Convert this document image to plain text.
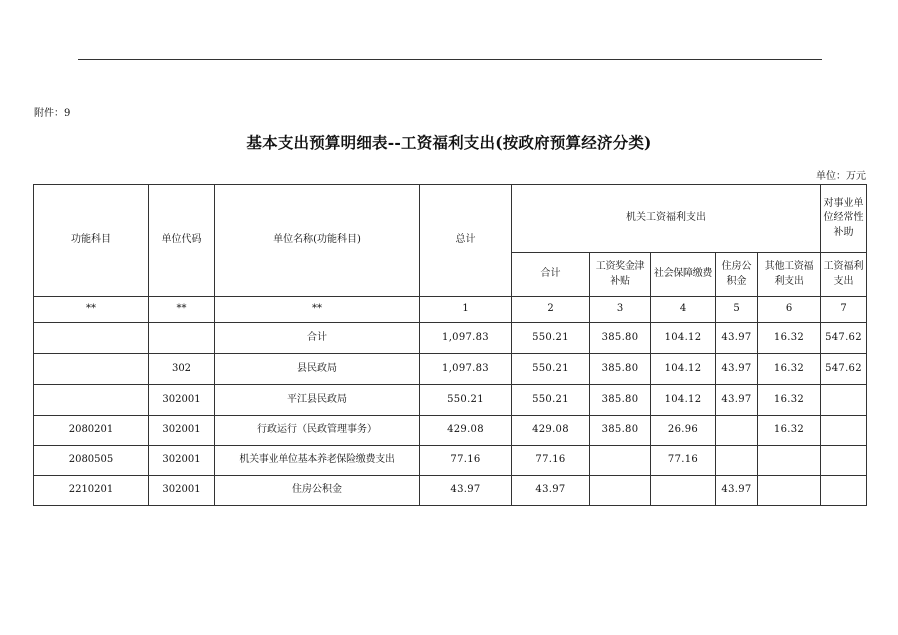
附件：9
基本支出预算明细表--工资福利支出(按政府预算经济分类)
单位：万元
功能科目	单位代码	单位名称(功能科目)	总计	机关工资福利支出					对事业单位经常性补助
				合计	工资奖金津补贴	社会保障缴费	住房公积金	其他工资福利支出	工资福利支出
**	**	**	1	2	3	4	5	6	7
		合计	1,097.83	550.21	385.80	104.12	43.97	16.32	547.62
	302	县民政局	1,097.83	550.21	385.80	104.12	43.97	16.32	547.62
	302001	平江县民政局	550.21	550.21	385.80	104.12	43.97	16.32	
2080201	302001	行政运行（民政管理事务）	429.08	429.08	385.80	26.96		16.32	
2080505	302001	机关事业单位基本养老保险缴费支出	77.16	77.16		77.16			
2210201	302001	住房公积金	43.97	43.97			43.97		
